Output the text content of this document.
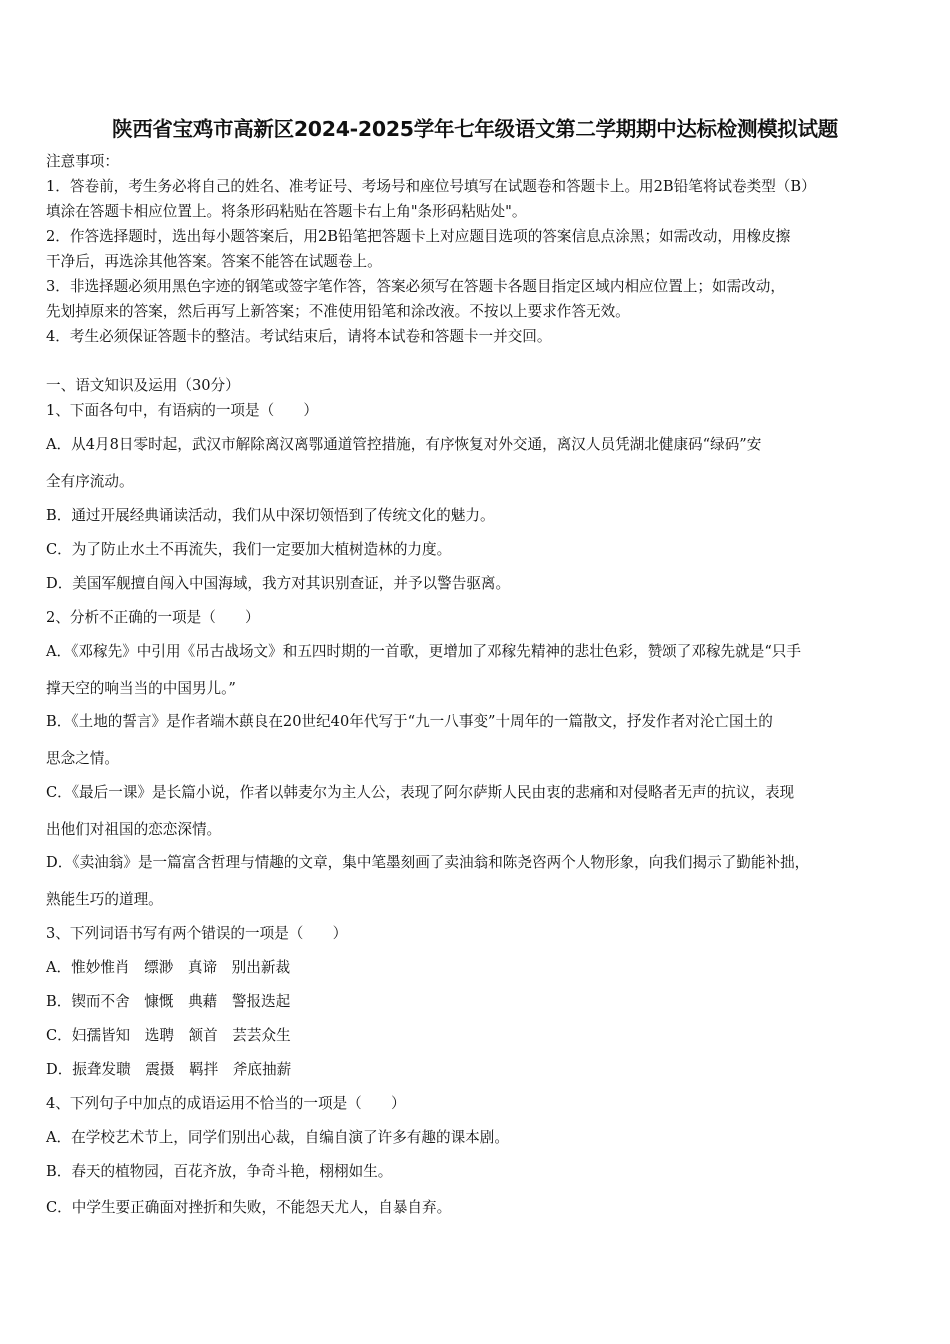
陕西省宝鸡市高新区2024-2025学年七年级语文第二学期期中达标检测模拟试题
注意事项：
1．答卷前，考生务必将自己的姓名、准考证号、考场号和座位号填写在试题卷和答题卡上。用2B铅笔将试卷类型（B）
填涂在答题卡相应位置上。将条形码粘贴在答题卡右上角"条形码粘贴处"。
2．作答选择题时，选出每小题答案后，用2B铅笔把答题卡上对应题目选项的答案信息点涂黑；如需改动，用橡皮擦
干净后，再选涂其他答案。答案不能答在试题卷上。
3．非选择题必须用黑色字迹的钢笔或签字笔作答，答案必须写在答题卡各题目指定区域内相应位置上；如需改动，
先划掉原来的答案，然后再写上新答案；不准使用铅笔和涂改液。不按以上要求作答无效。
4．考生必须保证答题卡的整洁。考试结束后，请将本试卷和答题卡一并交回。
一、语文知识及运用（30分）
1、下面各句中，有语病的一项是（　　）
A．从4月8日零时起，武汉市解除离汉离鄂通道管控措施，有序恢复对外交通，离汉人员凭湖北健康码“绿码”安
全有序流动。
B．通过开展经典诵读活动，我们从中深切领悟到了传统文化的魅力。
C．为了防止水土不再流失，我们一定要加大植树造林的力度。
D．美国军舰擅自闯入中国海域，我方对其识别查证，并予以警告驱离。
2、分析不正确的一项是（　　）
A．《邓稼先》中引用《吊古战场文》和五四时期的一首歌，更增加了邓稼先精神的悲壮色彩，赞颂了邓稼先就是“只手
撑天空的响当当的中国男儿。”
B．《土地的誓言》是作者端木蕻良在20世纪40年代写于“九一八事变”十周年的一篇散文，抒发作者对沦亡国土的
思念之情。
C．《最后一课》是长篇小说，作者以韩麦尔为主人公，表现了阿尔萨斯人民由衷的悲痛和对侵略者无声的抗议，表现
出他们对祖国的恋恋深情。
D．《卖油翁》是一篇富含哲理与情趣的文章，集中笔墨刻画了卖油翁和陈尧咨两个人物形象，向我们揭示了勤能补拙，
熟能生巧的道理。
3、下列词语书写有两个错误的一项是（　　）
A．惟妙惟肖　缥渺　真谛　别出新裁
B．锲而不舍　慷慨　典藉　警报迭起
C．妇孺皆知　选聘　颔首　芸芸众生
D．振聋发聩　震摄　羁拌　斧底抽薪
4、下列句子中加点的成语运用不恰当的一项是（　　）
A．在学校艺术节上，同学们别出心裁，自编自演了许多有趣的课本剧。
B．春天的植物园，百花齐放，争奇斗艳，栩栩如生。
C．中学生要正确面对挫折和失败，不能怨天尤人，自暴自弃。
